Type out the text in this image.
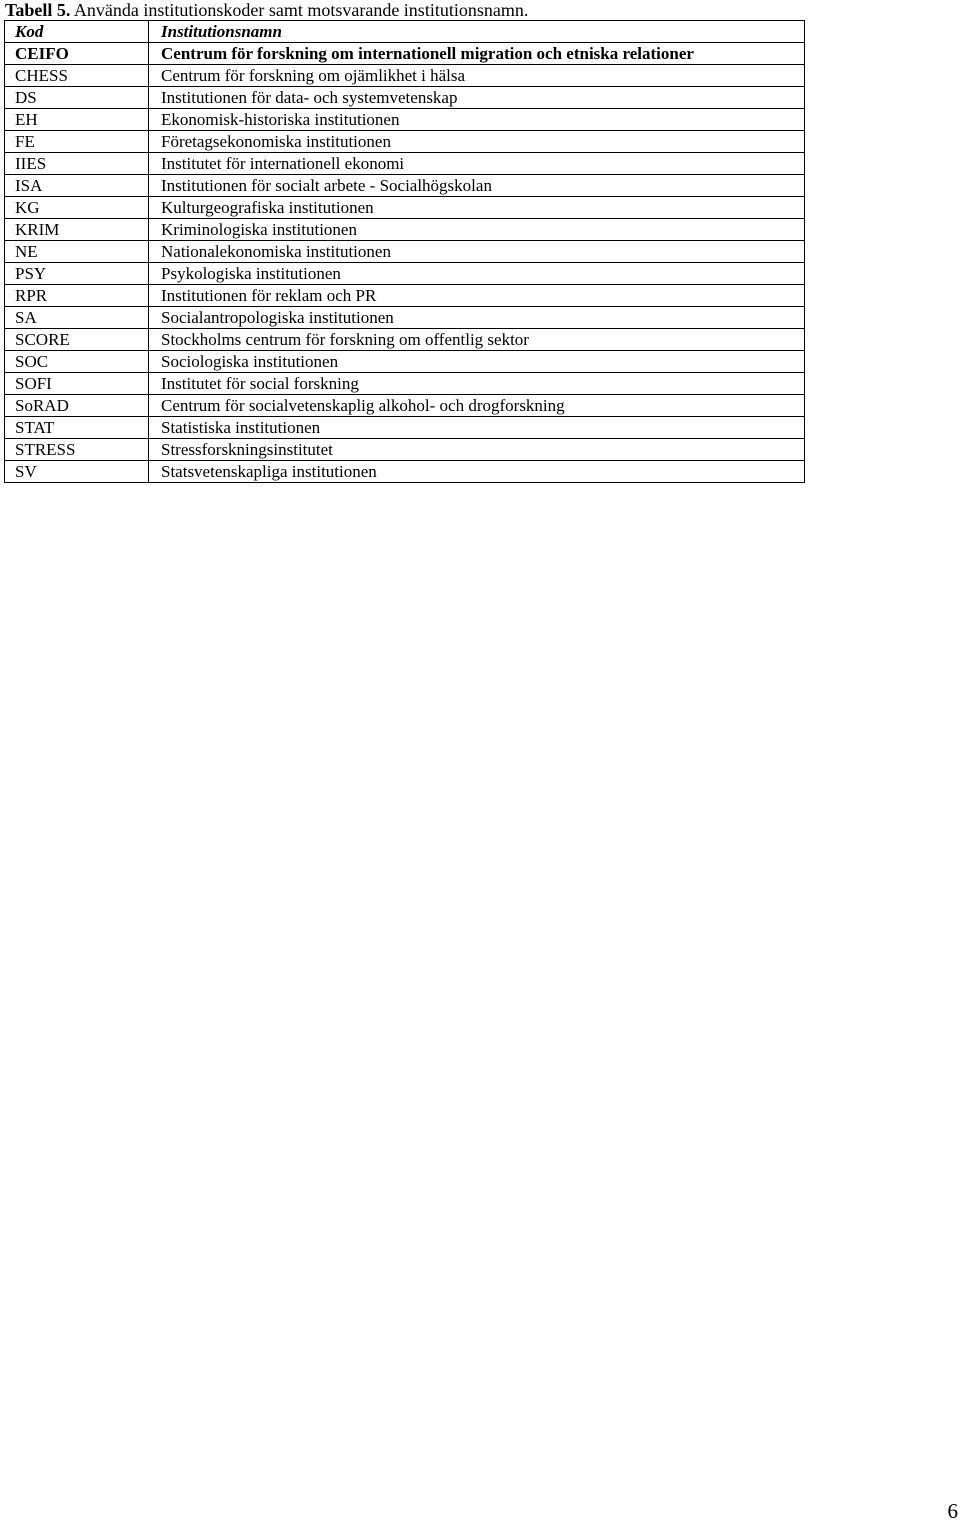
Tabell 5. Använda institutionskoder samt motsvarande institutionsnamn.
Kod	Institutionsnamn
CEIFO	Centrum för forskning om internationell migration och etniska relationer
CHESS	Centrum för forskning om ojämlikhet i hälsa
DS	Institutionen för data- och systemvetenskap
EH	Ekonomisk-historiska institutionen
FE	Företagsekonomiska institutionen
IIES	Institutet för internationell ekonomi
ISA	Institutionen för socialt arbete - Socialhögskolan
KG	Kulturgeografiska institutionen
KRIM	Kriminologiska institutionen
NE	Nationalekonomiska institutionen
PSY	Psykologiska institutionen
RPR	Institutionen för reklam och PR
SA	Socialantropologiska institutionen
SCORE	Stockholms centrum för forskning om offentlig sektor
SOC	Sociologiska institutionen
SOFI	Institutet för social forskning
SoRAD	Centrum för socialvetenskaplig alkohol- och drogforskning
STAT	Statistiska institutionen
STRESS	Stressforskningsinstitutet
SV	Statsvetenskapliga institutionen
6
